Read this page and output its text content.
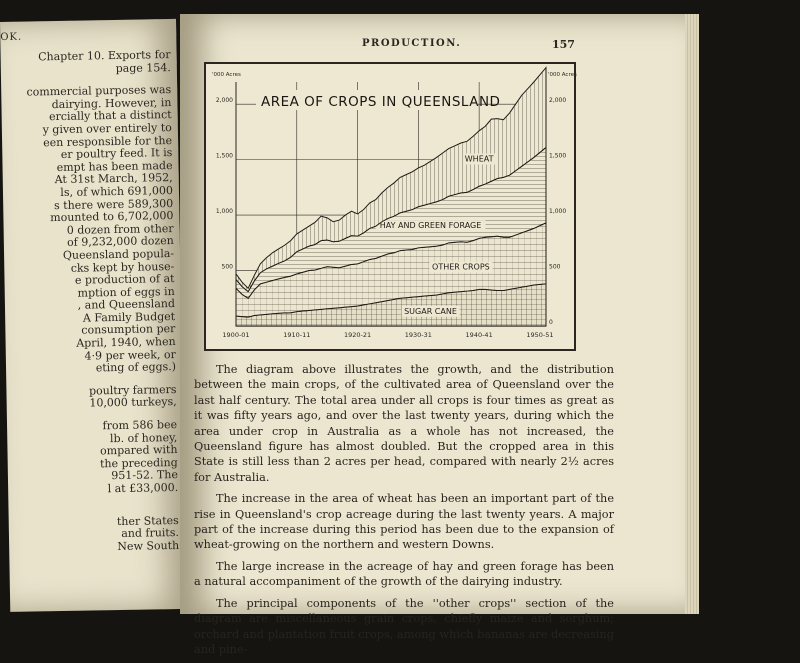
OK.
Chapter 10. Exports for
page 154.
commercial purposes was
dairying. However, in
ercially that a distinct
y given over entirely to
een responsible for the
er poultry feed. It is
empt has been made
At 31st March, 1952,
ls, of which 691,000
s there were 589,300
mounted to 6,702,000
0 dozen from other
of 9,232,000 dozen
Queensland popula-
cks kept by house-
e production of at
mption of eggs in
, and Queensland
A Family Budget
consumption per
April, 1940, when
4·9 per week, or
eting of eggs.)
poultry farmers
10,000 turkeys,
from 586 bee
lb. of honey,
ompared with
the preceding
951-52. The
l at £33,000.
ther States
and fruits.
New South
PRODUCTION.	157
SUGAR CANE
OTHER CROPS
HAY AND GREEN FORAGE
WHEAT
AREA OF CROPS IN QUEENSLAND
'000 Acres	'000 Acres
500	500
1,000	1,000
1,500	1,500
2,000	2,000
0
1900-01	1910-11	1920-21	1930-31	1940-41	1950-51

The diagram above illustrates the growth, and the distribution between the main crops, of the cultivated area of Queensland over the last half century. The total area under all crops is four times as great as it was fifty years ago, and over the last twenty years, during which the area under crop in Australia as a whole has not increased, the Queensland figure has almost doubled. But the cropped area in this State is still less than 2 acres per head, compared with nearly 2½ acres for Australia.

The increase in the area of wheat has been an important part of the rise in Queensland's crop acreage during the last twenty years. A major part of the increase during this period has been due to the expansion of wheat-growing on the northern and western Downs.

The large increase in the acreage of hay and green forage has been a natural accompaniment of the growth of the dairying industry.

The principal components of the ''other crops'' section of the diagram are miscellaneous grain crops, chiefly maize and sorghum; orchard and plantation fruit crops, among which bananas are decreasing and pine-
